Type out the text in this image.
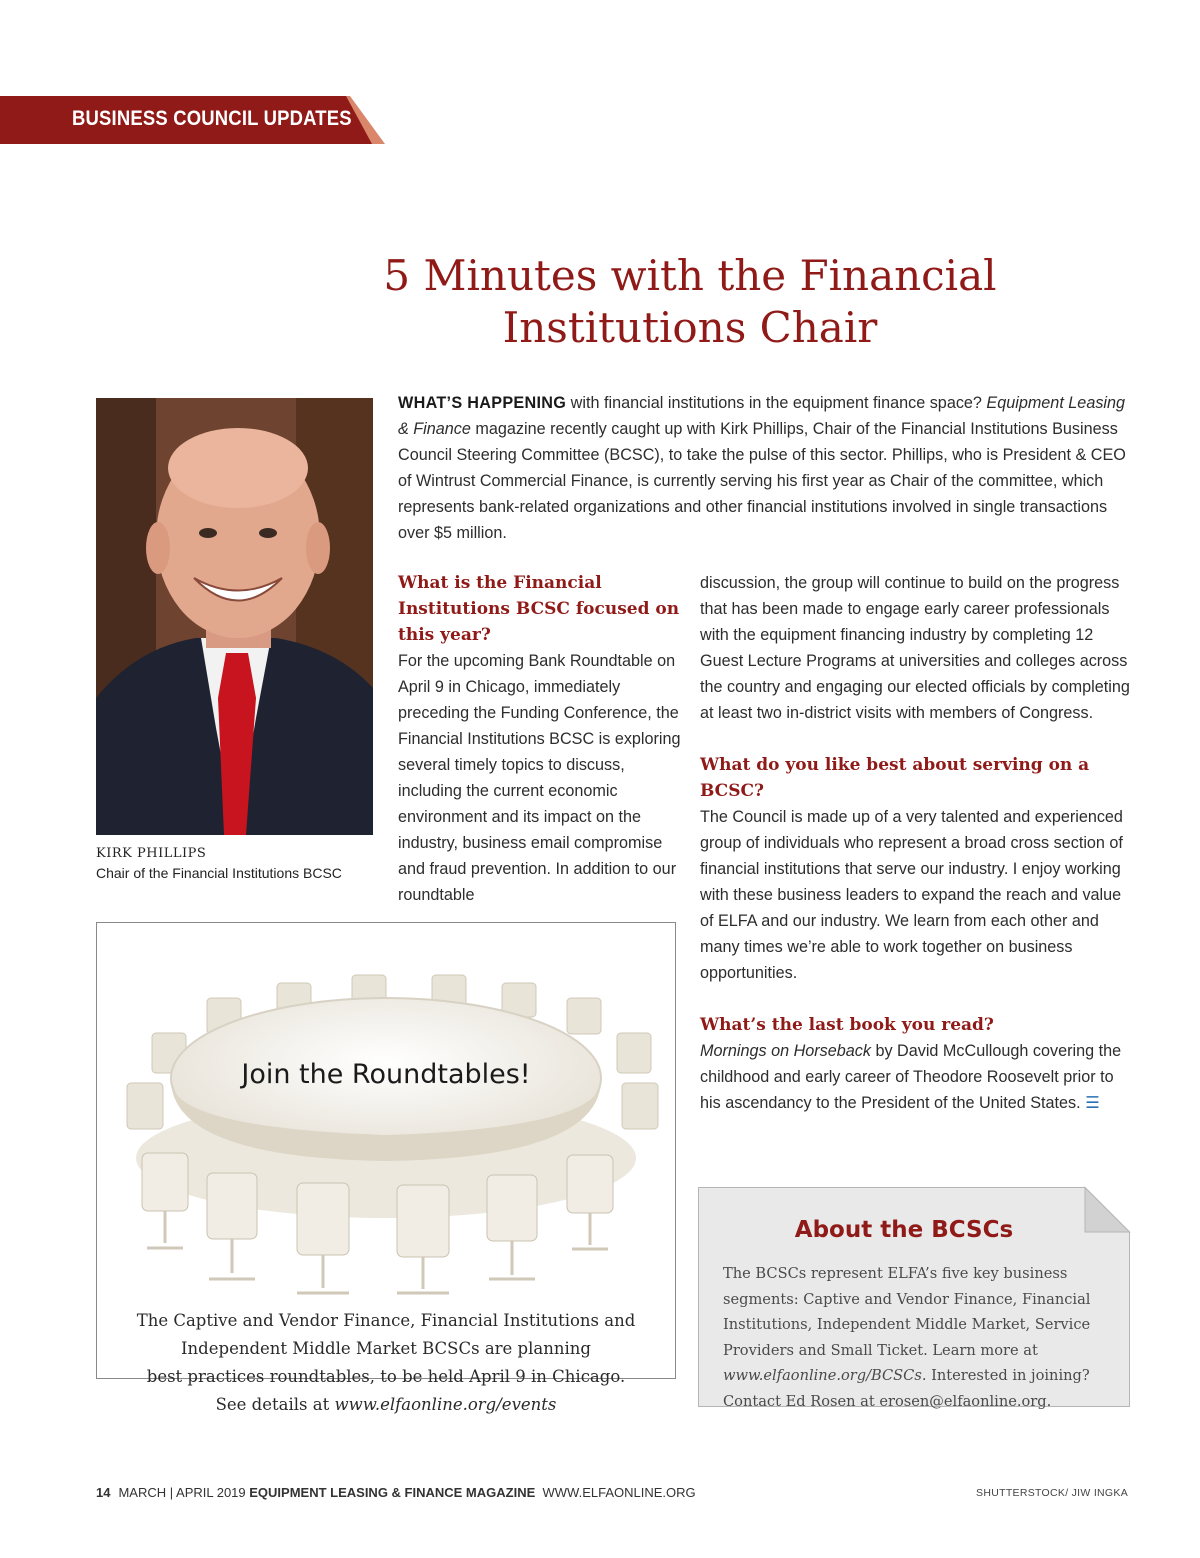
BUSINESS COUNCIL UPDATES
5 Minutes with the Financial
Institutions Chair
KIRK PHILLIPS
Chair of the Financial Institutions BCSC

WHAT’S HAPPENING with financial institutions in the equipment finance space? Equipment Leasing & Finance magazine recently caught up with Kirk Phillips, Chair of the Financial Institutions Business Council Steering Committee (BCSC), to take the pulse of this sector. Phillips, who is President & CEO of Wintrust Commercial Finance, is currently serving his first year as Chair of the committee, which represents bank-related organizations and other financial institutions involved in single transactions over $5 million.

What is the Financial Institutions BCSC focused on this year?

For the upcoming Bank Roundtable on April 9 in Chicago, immediately preceding the Funding Conference, the Financial Institutions BCSC is exploring several timely topics to discuss, including the current economic environment and its impact on the industry, business email compromise and fraud prevention. In addition to our roundtable

discussion, the group will continue to build on the progress that has been made to engage early career professionals with the equipment financing industry by completing 12 Guest Lecture Programs at universities and colleges across the country and engaging our elected officials by completing at least two in-district visits with members of Congress.

What do you like best about serving on a BCSC?

The Council is made up of a very talented and experienced group of individuals who represent a broad cross section of financial institutions that serve our industry. I enjoy working with these business leaders to expand the reach and value of ELFA and our industry. We learn from each other and many times we’re able to work together on business opportunities.

What’s the last book you read?

Mornings on Horseback by David McCullough covering the childhood and early career of Theodore Roosevelt prior to his ascendancy to the President of the United States. ☰

Join the Roundtables!

The Captive and Vendor Finance, Financial Institutions and

Independent Middle Market BCSCs are planning

best practices roundtables, to be held April 9 in Chicago.

See details at www.elfaonline.org/events

About the BCSCs

The BCSCs represent ELFA’s five key business segments: Captive and Vendor Finance, Financial Institutions, Independent Middle Market, Service Providers and Small Ticket. Learn more at www.elfaonline.org/BCSCs. Interested in joining? Contact Ed Rosen at erosen@elfaonline.org.

14 MARCH | APRIL 2019 EQUIPMENT LEASING & FINANCE MAGAZINE  WWW.ELFAONLINE.ORG	SHUTTERSTOCK/ JIW INGKA
